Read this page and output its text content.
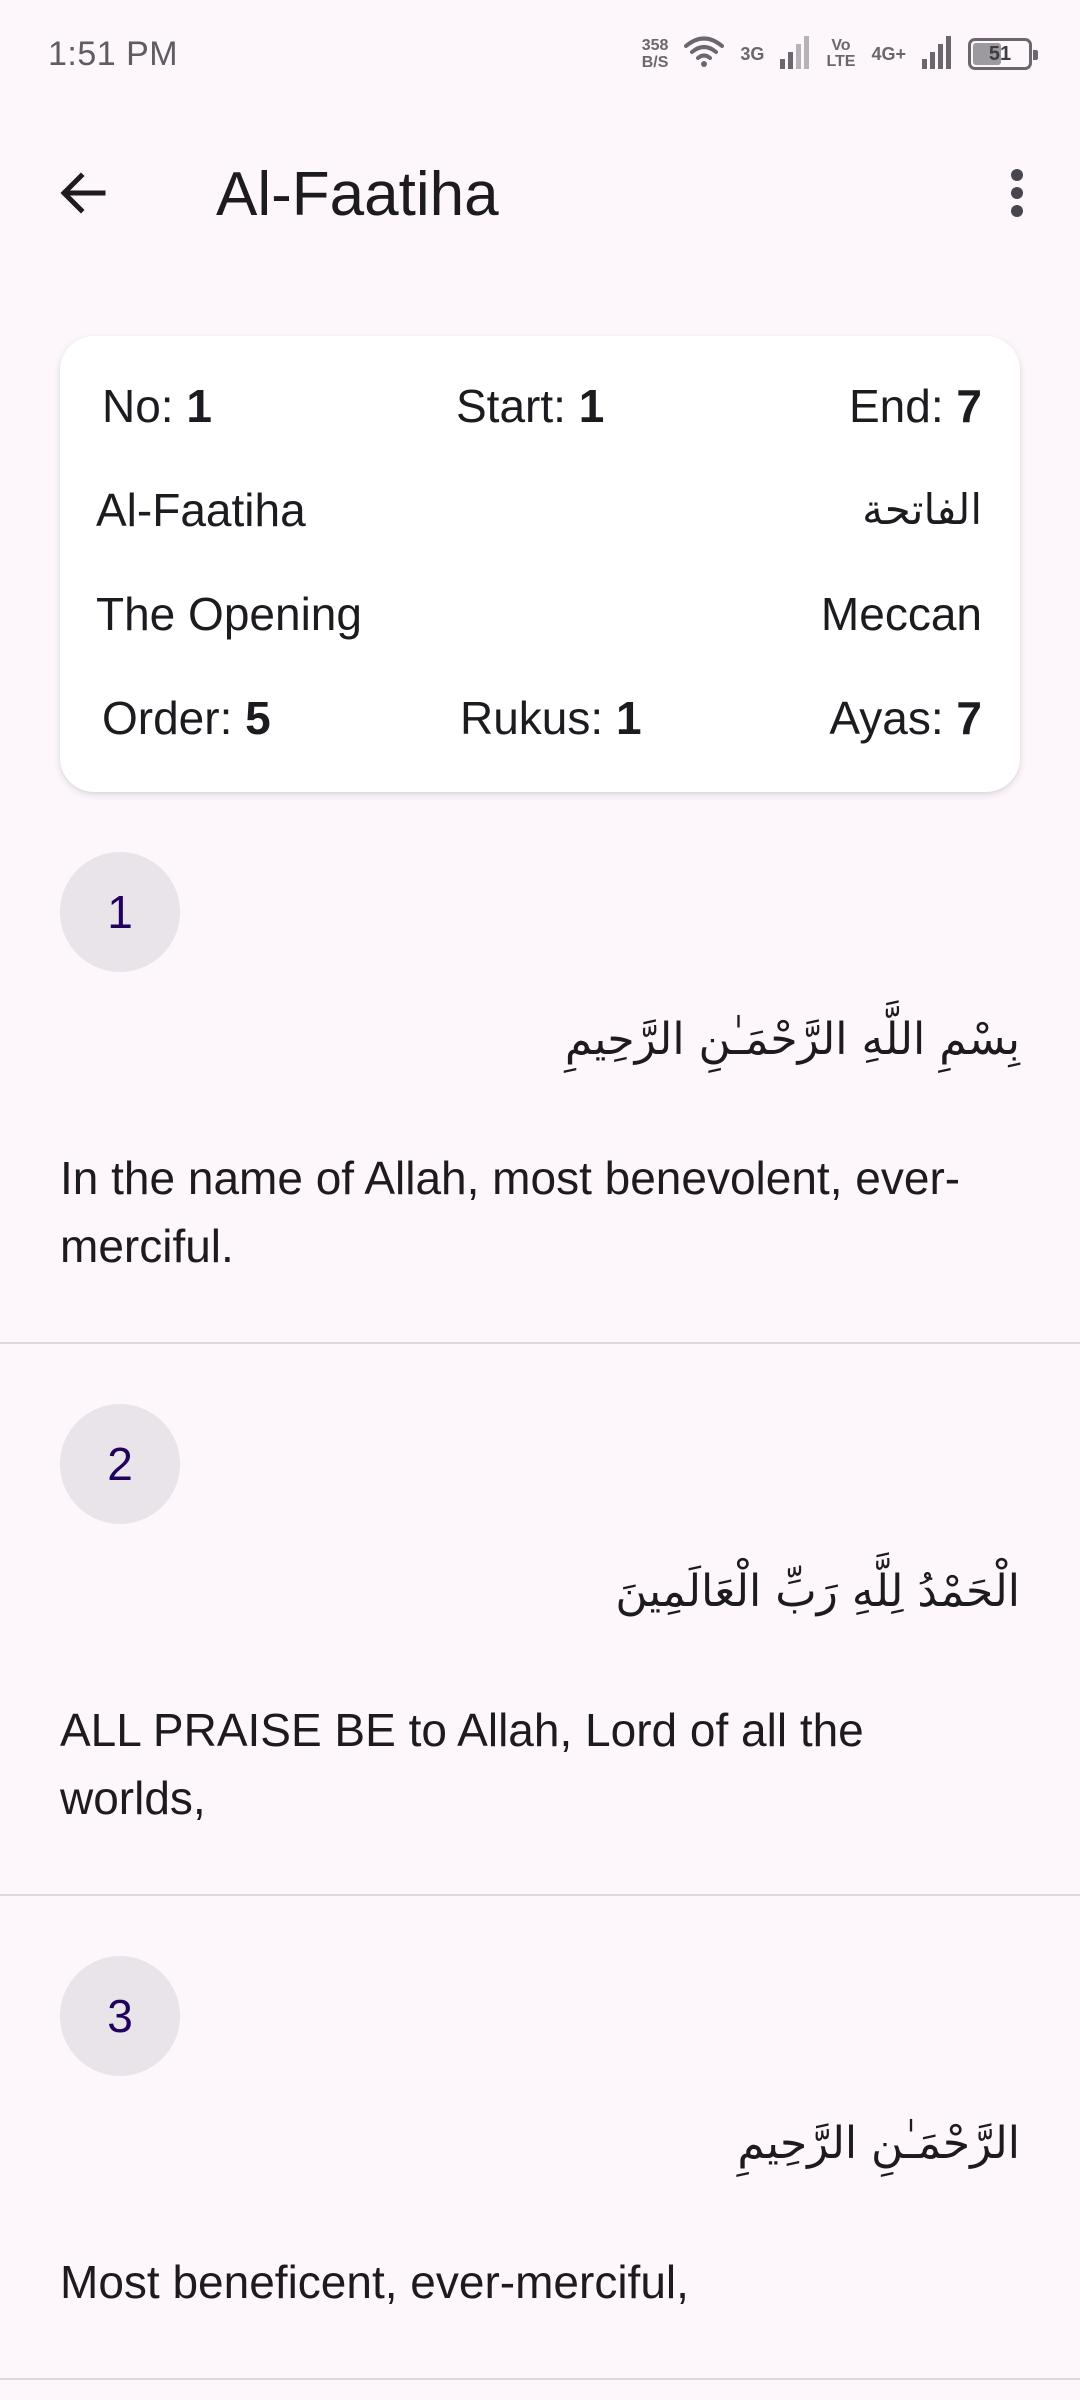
1:51 PM	358
B/S	3G	Vo
LTE 4G+	51
Al-Faatiha
No: 1	Start: 1	End: 7
Al-Faatiha	الفاتحة
The Opening	Meccan
Order: 5	Rukus: 1	Ayas: 7
1
بِسْمِ اللَّهِ الرَّحْمَـٰنِ الرَّحِيمِ
In the name of Allah, most benevolent, ever-merciful.
2
الْحَمْدُ لِلَّهِ رَبِّ الْعَالَمِينَ
ALL PRAISE BE to Allah, Lord of all the worlds,
3
الرَّحْمَـٰنِ الرَّحِيمِ
Most beneficent, ever-merciful,
